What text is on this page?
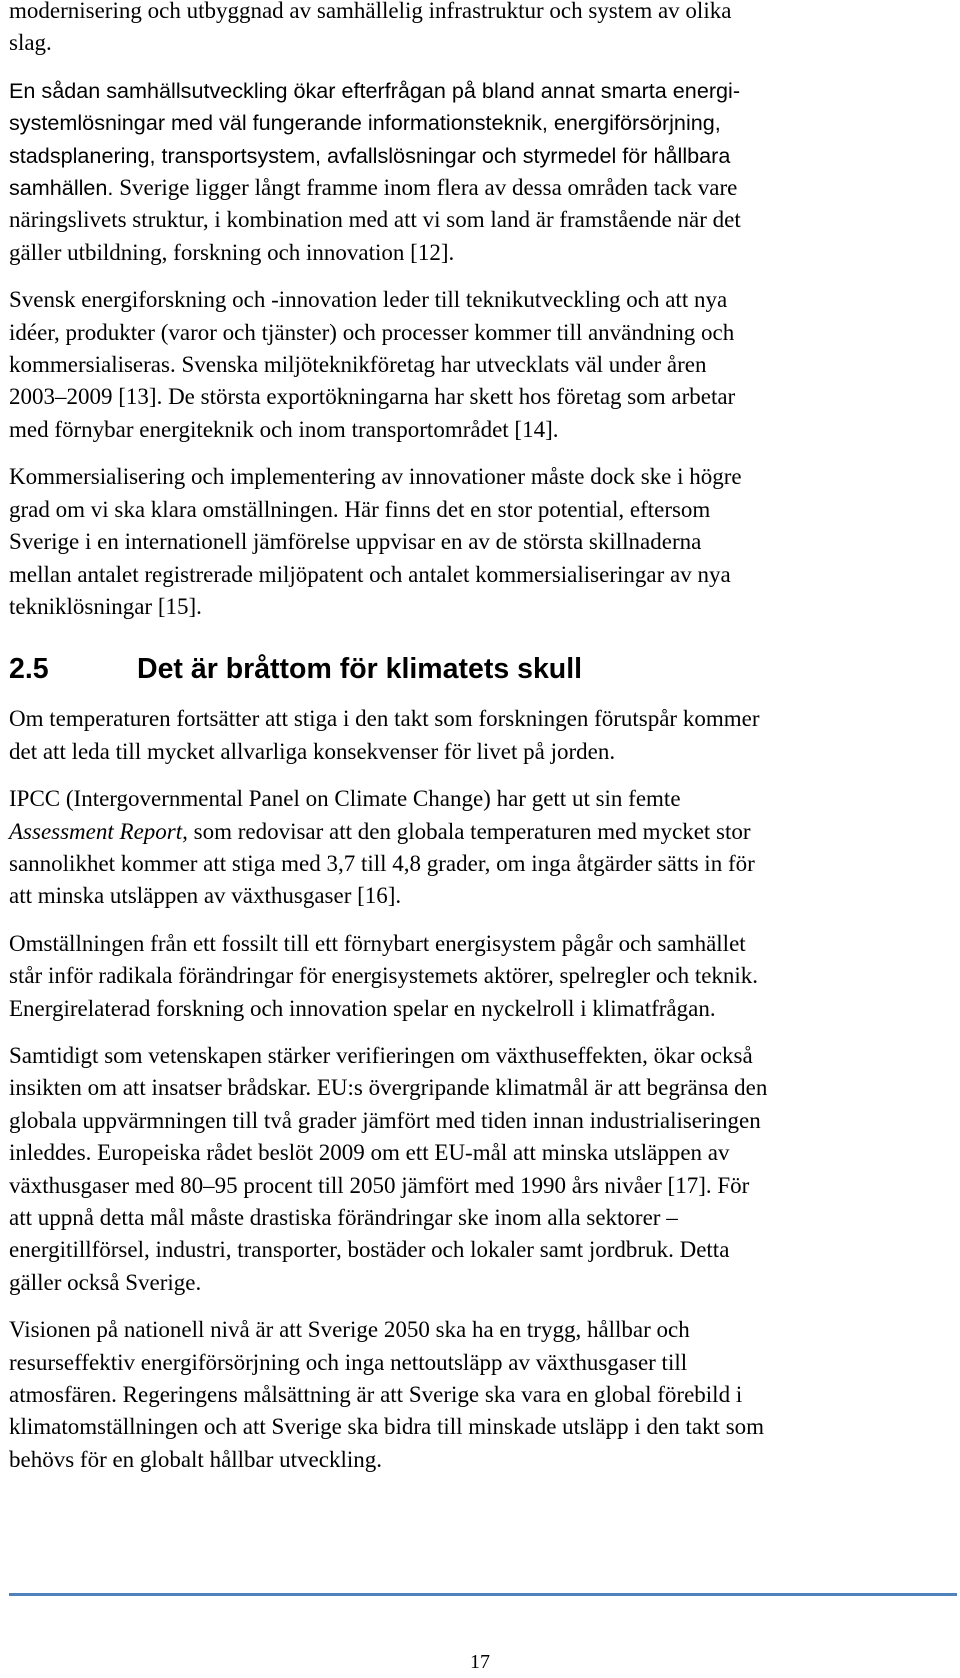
modernisering och utbyggnad av samhällelig infrastruktur och system av olika
slag.

En sådan samhällsutveckling ökar efterfrågan på bland annat smarta energi-
systemlösningar med väl fungerande informationsteknik, energiförsörjning,
stadsplanering, transportsystem, avfallslösningar och styrmedel för hållbara
samhällen. Sverige ligger långt framme inom flera av dessa områden tack vare
näringslivets struktur, i kombination med att vi som land är framstående när det
gäller utbildning, forskning och innovation [12].

Svensk energiforskning och -innovation leder till teknikutveckling och att nya
idéer, produkter (varor och tjänster) och processer kommer till användning och
kommersialiseras. Svenska miljöteknikföretag har utvecklats väl under åren
2003–2009 [13]. De största exportökningarna har skett hos företag som arbetar
med förnybar energiteknik och inom transportområdet [14].

Kommersialisering och implementering av innovationer måste dock ske i högre
grad om vi ska klara omställningen. Här finns det en stor potential, eftersom
Sverige i en internationell jämförelse uppvisar en av de största skillnaderna
mellan antalet registrerade miljöpatent och antalet kommersialiseringar av nya
tekniklösningar [15].

2.5	Det är bråttom för klimatets skull

Om temperaturen fortsätter att stiga i den takt som forskningen förutspår kommer
det att leda till mycket allvarliga konsekvenser för livet på jorden.

IPCC (Intergovernmental Panel on Climate Change) har gett ut sin femte
Assessment Report, som redovisar att den globala temperaturen med mycket stor
sannolikhet kommer att stiga med 3,7 till 4,8 grader, om inga åtgärder sätts in för
att minska utsläppen av växthusgaser [16].

Omställningen från ett fossilt till ett förnybart energisystem pågår och samhället
står inför radikala förändringar för energisystemets aktörer, spelregler och teknik.
Energirelaterad forskning och innovation spelar en nyckelroll i klimatfrågan.

Samtidigt som vetenskapen stärker verifieringen om växthuseffekten, ökar också
insikten om att insatser brådskar. EU:s övergripande klimatmål är att begränsa den
globala uppvärmningen till två grader jämfört med tiden innan industrialiseringen
inleddes. Europeiska rådet beslöt 2009 om ett EU-mål att minska utsläppen av
växthusgaser med 80–95 procent till 2050 jämfört med 1990 års nivåer [17]. För
att uppnå detta mål måste drastiska förändringar ske inom alla sektorer –
energitillförsel, industri, transporter, bostäder och lokaler samt jordbruk. Detta
gäller också Sverige.

Visionen på nationell nivå är att Sverige 2050 ska ha en trygg, hållbar och
resurseffektiv energiförsörjning och inga nettoutsläpp av växthusgaser till
atmosfären. Regeringens målsättning är att Sverige ska vara en global förebild i
klimatomställningen och att Sverige ska bidra till minskade utsläpp i den takt som
behövs för en globalt hållbar utveckling.

17
